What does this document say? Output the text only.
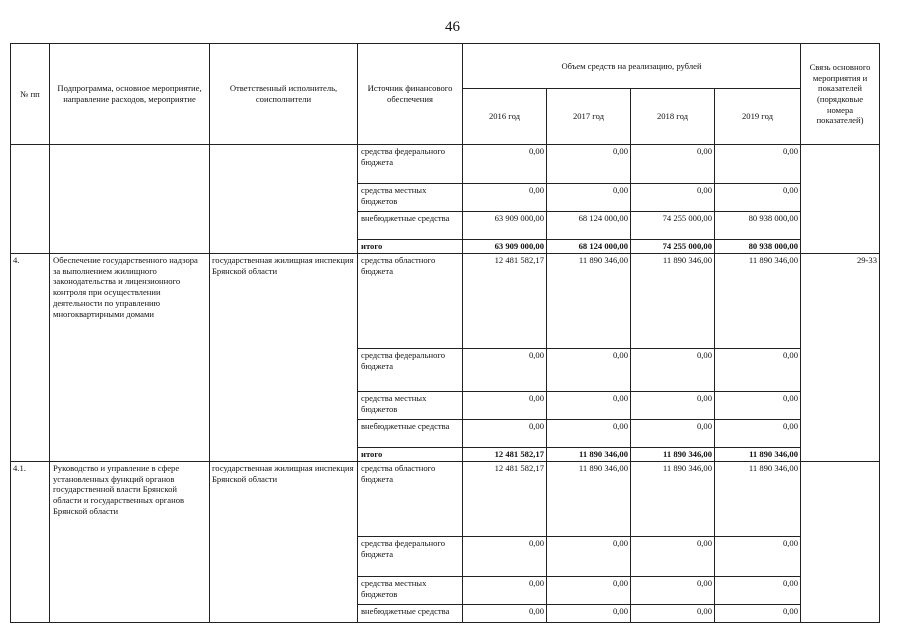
46
№ пп	Подпрограмма, основное мероприятие, направление расходов, мероприятие	Ответственный исполнитель, соисполнители	Источник финансового обеспечения	Объем средств на реализацию, рублей				Связь основного мероприятия и показателей (порядковые номера показателей)
				2016 год	2017 год	2018 год	2019 год	
			средства федерального бюджета	0,00	0,00	0,00	0,00	
			средства местных бюджетов	0,00	0,00	0,00	0,00	
			внебюджетные средства	63 909 000,00	68 124 000,00	74 255 000,00	80 938 000,00	
			итого	63 909 000,00	68 124 000,00	74 255 000,00	80 938 000,00	
4.	Обеспечение государственного надзора за выполнением жилищного законодательства и лицензионного контроля при осуществлении деятельности по управлению многоквартирными домами	государственная жилищная инспекция Брянской области	средства областного бюджета	12 481 582,17	11 890 346,00	11 890 346,00	11 890 346,00	29-33
			средства федерального бюджета	0,00	0,00	0,00	0,00	
			средства местных бюджетов	0,00	0,00	0,00	0,00	
			внебюджетные средства	0,00	0,00	0,00	0,00	
			итого	12 481 582,17	11 890 346,00	11 890 346,00	11 890 346,00	
4.1.	Руководство и управление в сфере установленных функций органов государственной власти Брянской области и государственных органов Брянской области	государственная жилищная инспекция Брянской области	средства областного бюджета	12 481 582,17	11 890 346,00	11 890 346,00	11 890 346,00	
			средства федерального бюджета	0,00	0,00	0,00	0,00	
			средства местных бюджетов	0,00	0,00	0,00	0,00	
			внебюджетные средства	0,00	0,00	0,00	0,00	
